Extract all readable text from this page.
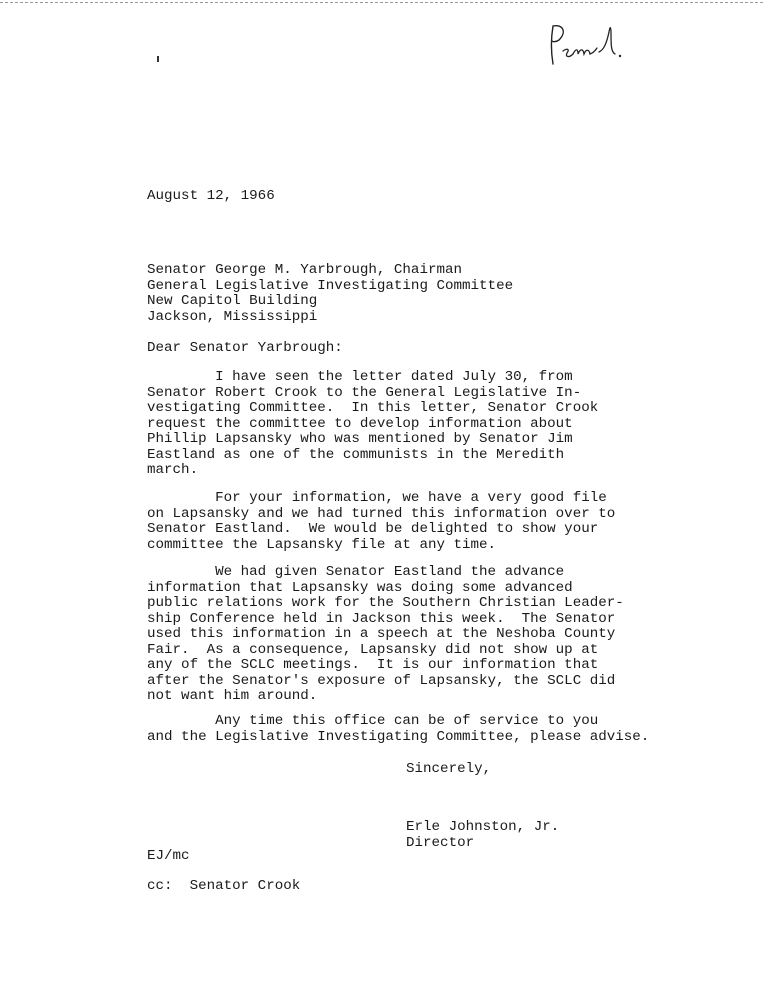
August 12, 1966
Senator George M. Yarbrough, Chairman
General Legislative Investigating Committee
New Capitol Building
Jackson, Mississippi
Dear Senator Yarbrough:
I have seen the letter dated July 30, from
Senator Robert Crook to the General Legislative In-
vestigating Committee.  In this letter, Senator Crook
request the committee to develop information about
Phillip Lapsansky who was mentioned by Senator Jim
Eastland as one of the communists in the Meredith
march.
For your information, we have a very good file
on Lapsansky and we had turned this information over to
Senator Eastland.  We would be delighted to show your
committee the Lapsansky file at any time.
We had given Senator Eastland the advance
information that Lapsansky was doing some advanced
public relations work for the Southern Christian Leader-
ship Conference held in Jackson this week.  The Senator
used this information in a speech at the Neshoba County
Fair.  As a consequence, Lapsansky did not show up at
any of the SCLC meetings.  It is our information that
after the Senator's exposure of Lapsansky, the SCLC did
not want him around.
Any time this office can be of service to you
and the Legislative Investigating Committee, please advise.
Sincerely,
Erle Johnston, Jr.
Director
EJ/mc
cc:  Senator Crook
